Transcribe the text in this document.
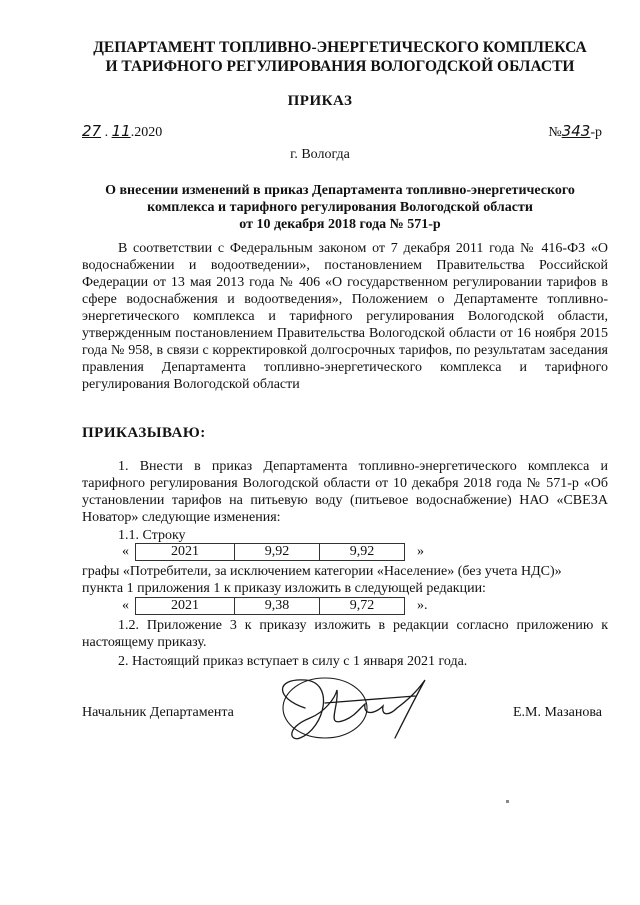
ДЕПАРТАМЕНТ ТОПЛИВНО-ЭНЕРГЕТИЧЕСКОГО КОМПЛЕКСА
И ТАРИФНОГО РЕГУЛИРОВАНИЯ ВОЛОГОДСКОЙ ОБЛАСТИ
ПРИКАЗ
27 . 11.2020	№343-р
г. Вологда
О внесении изменений в приказ Департамента топливно-энергетического
комплекса и тарифного регулирования Вологодской области
от 10 декабря 2018 года № 571-р
В соответствии с Федеральным законом от 7 декабря 2011 года № 416-ФЗ «О водоснабжении и водоотведении», постановлением Правительства Российской Федерации от 13 мая 2013 года № 406 «О государственном регулировании тарифов в сфере водоснабжения и водоотведения», Положением о Департаменте топливно-энергетического комплекса и тарифного регулирования Вологодской области, утвержденным постановлением Правительства Вологодской области от 16 ноября 2015 года № 958, в связи с корректировкой долгосрочных тарифов, по результатам заседания правления Департамента топливно-энергетического комплекса и тарифного регулирования Вологодской области
ПРИКАЗЫВАЮ:
1. Внести в приказ Департамента топливно-энергетического комплекса и тарифного регулирования Вологодской области от 10 декабря 2018 года № 571-р «Об установлении тарифов на питьевую воду (питьевое водоснабжение) НАО «СВЕЗА Новатор» следующие изменения:
1.1. Строку
«	2021	9,92	9,92	»
графы «Потребители, за исключением категории «Население» (без учета НДС)»
пункта 1 приложения 1 к приказу изложить в следующей редакции:
«	2021	9,38	9,72	».
1.2. Приложение 3 к приказу изложить в редакции согласно приложению к настоящему приказу.
2. Настоящий приказ вступает в силу с 1 января 2021 года.
Начальник Департамента	Е.М. Мазанова
